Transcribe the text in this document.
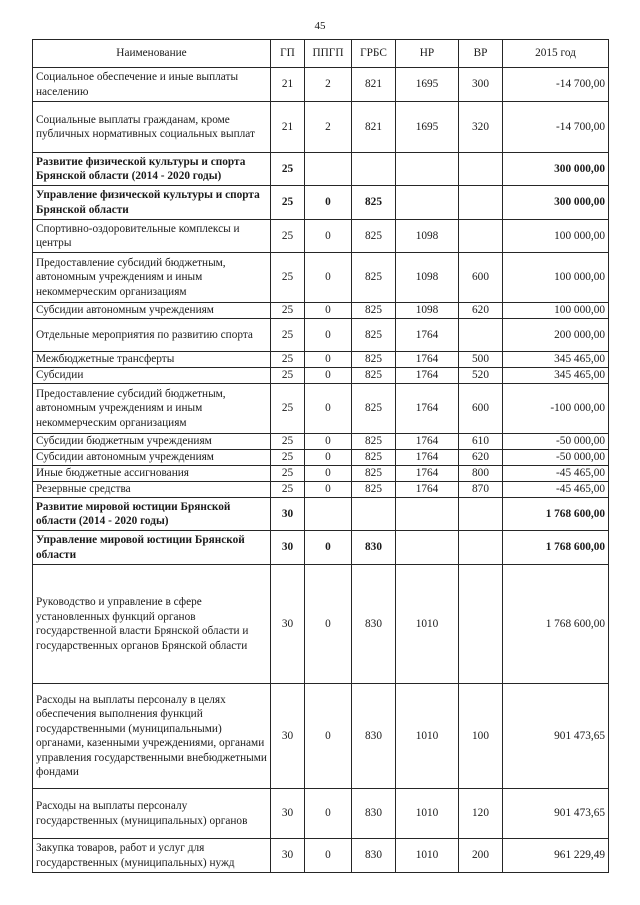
45
Наименование	ГП	ППГП	ГРБС	НР	ВР	2015 год
Социальное обеспечение и иные выплаты населению	21	2	821	1695	300	-14 700,00
Социальные выплаты гражданам, кроме публичных нормативных социальных выплат	21	2	821	1695	320	-14 700,00
Развитие физической культуры и спорта Брянской области (2014 - 2020 годы)	25					300 000,00
Управление физической культуры и спорта Брянской области	25	0	825			300 000,00
Спортивно-оздоровительные комплексы и центры	25	0	825	1098		100 000,00
Предоставление субсидий бюджетным, автономным учреждениям и иным некоммерческим организациям	25	0	825	1098	600	100 000,00
Субсидии автономным учреждениям	25	0	825	1098	620	100 000,00
Отдельные мероприятия по развитию спорта	25	0	825	1764		200 000,00
Межбюджетные трансферты	25	0	825	1764	500	345 465,00
Субсидии	25	0	825	1764	520	345 465,00
Предоставление субсидий бюджетным, автономным учреждениям и иным некоммерческим организациям	25	0	825	1764	600	-100 000,00
Субсидии бюджетным учреждениям	25	0	825	1764	610	-50 000,00
Субсидии автономным учреждениям	25	0	825	1764	620	-50 000,00
Иные бюджетные ассигнования	25	0	825	1764	800	-45 465,00
Резервные средства	25	0	825	1764	870	-45 465,00
Развитие мировой юстиции Брянской области (2014 - 2020 годы)	30					1 768 600,00
Управление мировой юстиции Брянской области	30	0	830			1 768 600,00
Руководство и управление в сфере установленных функций органов государственной власти Брянской области и государственных органов Брянской области	30	0	830	1010		1 768 600,00
Расходы на выплаты персоналу в целях обеспечения выполнения функций государственными (муниципальными) органами, казенными учреждениями, органами управления государственными внебюджетными фондами	30	0	830	1010	100	901 473,65
Расходы на выплаты персоналу государственных (муниципальных) органов	30	0	830	1010	120	901 473,65
Закупка товаров, работ и услуг для государственных (муниципальных) нужд	30	0	830	1010	200	961 229,49
